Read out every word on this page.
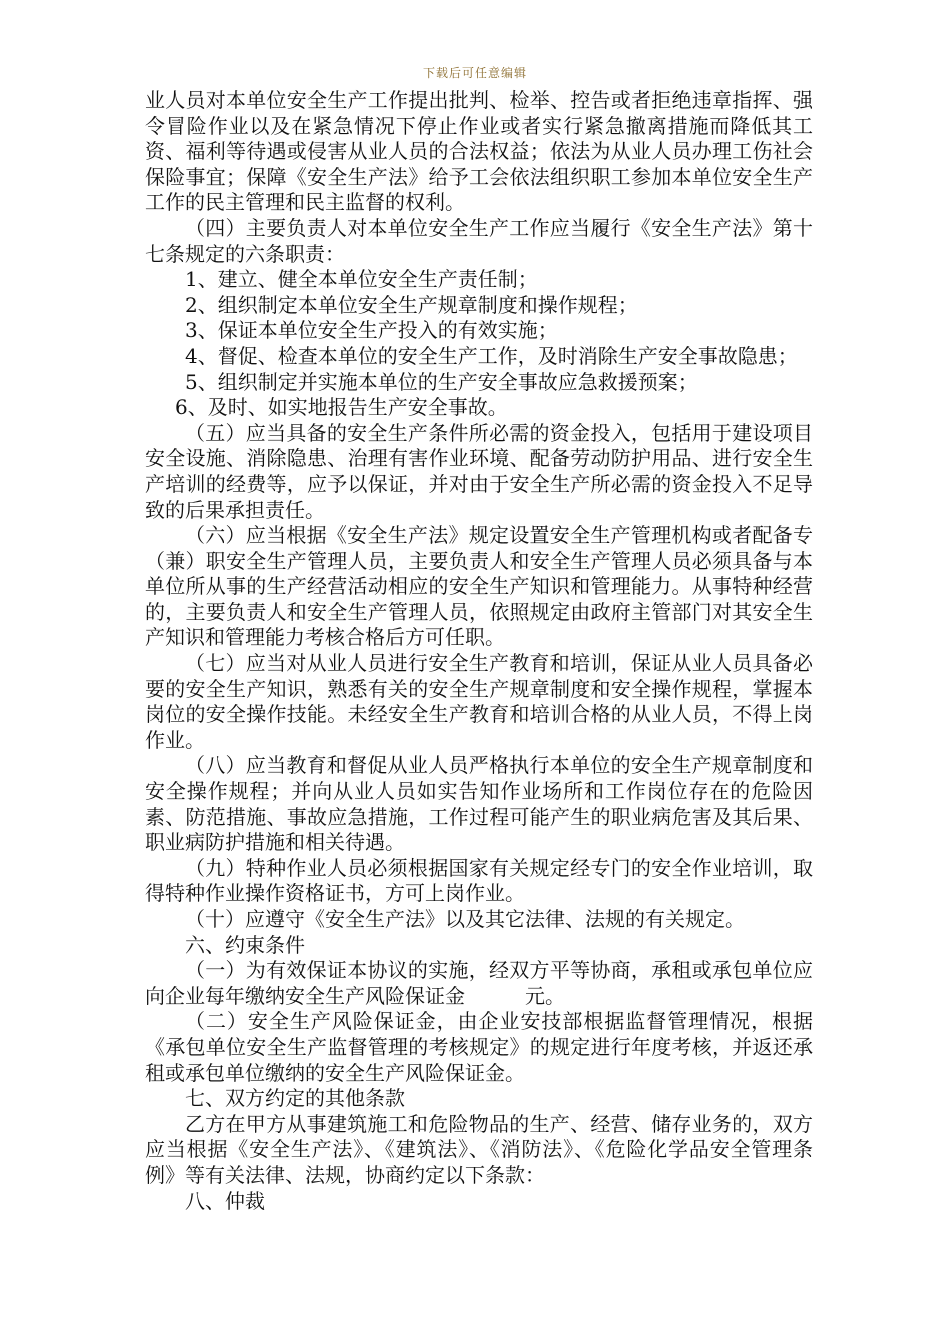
下载后可任意编辑

业人员对本单位安全生产工作提出批判、检举、控告或者拒绝违章指挥、强令冒险作业以及在紧急情况下停止作业或者实行紧急撤离措施而降低其工资、福利等待遇或侵害从业人员的合法权益；依法为从业人员办理工伤社会保险事宜；保障《安全生产法》给予工会依法组织职工参加本单位安全生产工作的民主管理和民主监督的权利。

（四）主要负责人对本单位安全生产工作应当履行《安全生产法》第十七条规定的六条职责：

1、建立、健全本单位安全生产责任制；

2、组织制定本单位安全生产规章制度和操作规程；

3、保证本单位安全生产投入的有效实施；

4、督促、检查本单位的安全生产工作，及时消除生产安全事故隐患；

5、组织制定并实施本单位的生产安全事故应急救援预案；

6、及时、如实地报告生产安全事故。

（五）应当具备的安全生产条件所必需的资金投入，包括用于建设项目安全设施、消除隐患、治理有害作业环境、配备劳动防护用品、进行安全生产培训的经费等，应予以保证，并对由于安全生产所必需的资金投入不足导致的后果承担责任。

（六）应当根据《安全生产法》规定设置安全生产管理机构或者配备专（兼）职安全生产管理人员，主要负责人和安全生产管理人员必须具备与本单位所从事的生产经营活动相应的安全生产知识和管理能力。从事特种经营的，主要负责人和安全生产管理人员，依照规定由政府主管部门对其安全生产知识和管理能力考核合格后方可任职。

（七）应当对从业人员进行安全生产教育和培训，保证从业人员具备必要的安全生产知识，熟悉有关的安全生产规章制度和安全操作规程，掌握本岗位的安全操作技能。未经安全生产教育和培训合格的从业人员，不得上岗作业。

（八）应当教育和督促从业人员严格执行本单位的安全生产规章制度和安全操作规程；并向从业人员如实告知作业场所和工作岗位存在的危险因素、防范措施、事故应急措施，工作过程可能产生的职业病危害及其后果、职业病防护措施和相关待遇。

（九）特种作业人员必须根据国家有关规定经专门的安全作业培训，取得特种作业操作资格证书，方可上岗作业。

（十）应遵守《安全生产法》以及其它法律、法规的有关规定。

六、约束条件

（一）为有效保证本协议的实施，经双方平等协商，承租或承包单位应向企业每年缴纳安全生产风险保证金	元。

（二）安全生产风险保证金，由企业安技部根据监督管理情况，根据《承包单位安全生产监督管理的考核规定》的规定进行年度考核，并返还承租或承包单位缴纳的安全生产风险保证金。

七、双方约定的其他条款

乙方在甲方从事建筑施工和危险物品的生产、经营、储存业务的，双方应当根据《安全生产法》、《建筑法》、《消防法》、《危险化学品安全管理条例》等有关法律、法规，协商约定以下条款：

八、仲裁
